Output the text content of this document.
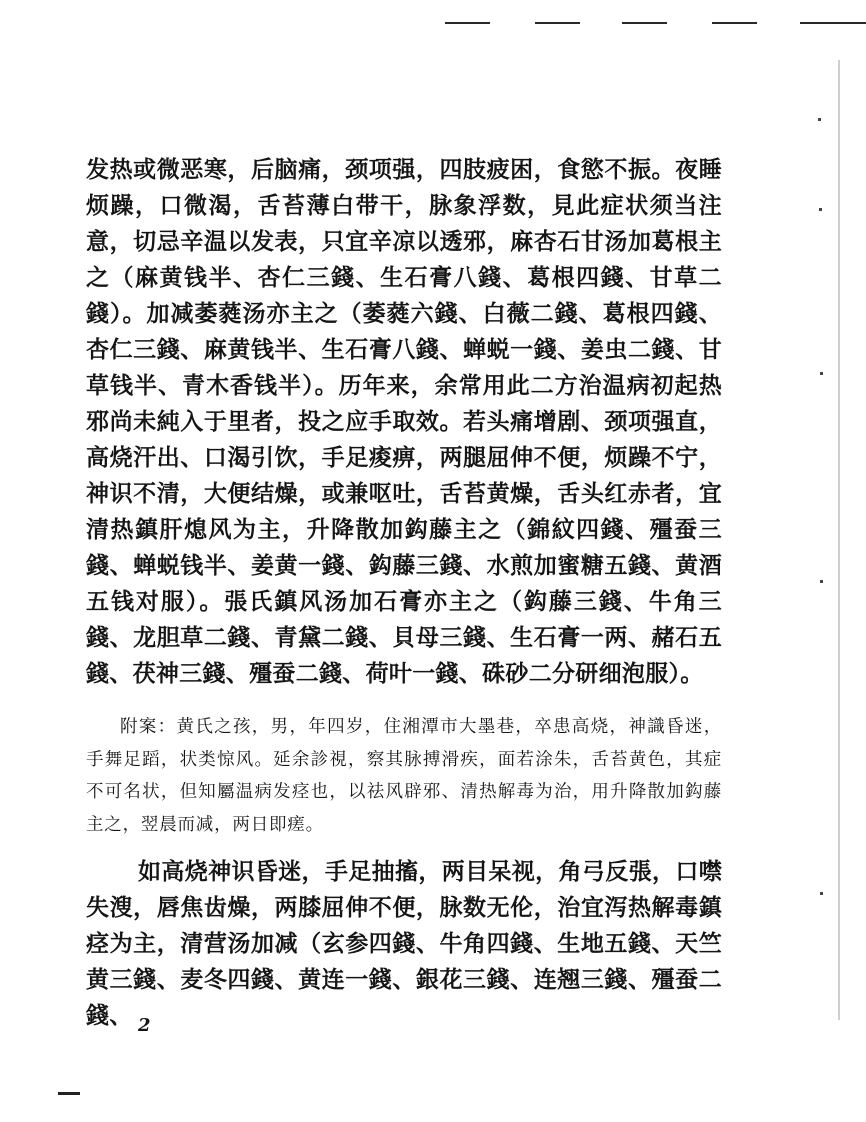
发热或微恶寒，后脑痛，颈项强，四肢疲困，食慾不振。夜睡烦躁，口微渴，舌苔薄白带干，脉象浮数，見此症状须当注意，切忌辛温以发表，只宜辛凉以透邪，麻杏石甘汤加葛根主之（麻黄钱半、杏仁三錢、生石膏八錢、葛根四錢、甘草二錢）。加减萎蕤汤亦主之（萎蕤六錢、白薇二錢、葛根四錢、杏仁三錢、麻黄钱半、生石膏八錢、蝉蜕一錢、姜虫二錢、甘草钱半、青木香钱半）。历年来，余常用此二方治温病初起热邪尚未純入于里者，投之应手取效。若头痛增剧、颈项强直，高烧汗出、口渴引饮，手足痠痹，两腿屈伸不便，烦躁不宁，神识不清，大便结燥，或兼呕吐，舌苔黄燥，舌头红赤者，宜清热鎮肝熄风为主，升降散加鈎藤主之（錦紋四錢、殭蚕三錢、蝉蜕钱半、姜黄一錢、鈎藤三錢、水煎加蜜糖五錢、黄酒五钱对服）。張氏鎮风汤加石膏亦主之（鈎藤三錢、牛角三錢、龙胆草二錢、青黛二錢、貝母三錢、生石膏一两、赭石五錢、茯神三錢、殭蚕二錢、荷叶一錢、硃砂二分研细泡服）。

附案：黄氏之孩，男，年四岁，住湘潭市大墨巷，卒患高烧，神識昏迷，手舞足蹈，状类惊风。延余診視，察其脉搏滑疾，面若涂朱，舌苔黄色，其症不可名状，但知屬温病发痉也，以祛风辟邪、清热解毒为治，用升降散加鈎藤主之，翌晨而减，两日即瘥。

如高烧神识昏迷，手足抽搐，两目呆视，角弓反張，口噤失溲，唇焦齿燥，两膝屈伸不便，脉数无伦，治宜泻热解毒鎮痉为主，清营汤加减（玄参四錢、牛角四錢、生地五錢、天竺黄三錢、麦冬四錢、黄连一錢、銀花三錢、连翘三錢、殭蚕二錢、 2
